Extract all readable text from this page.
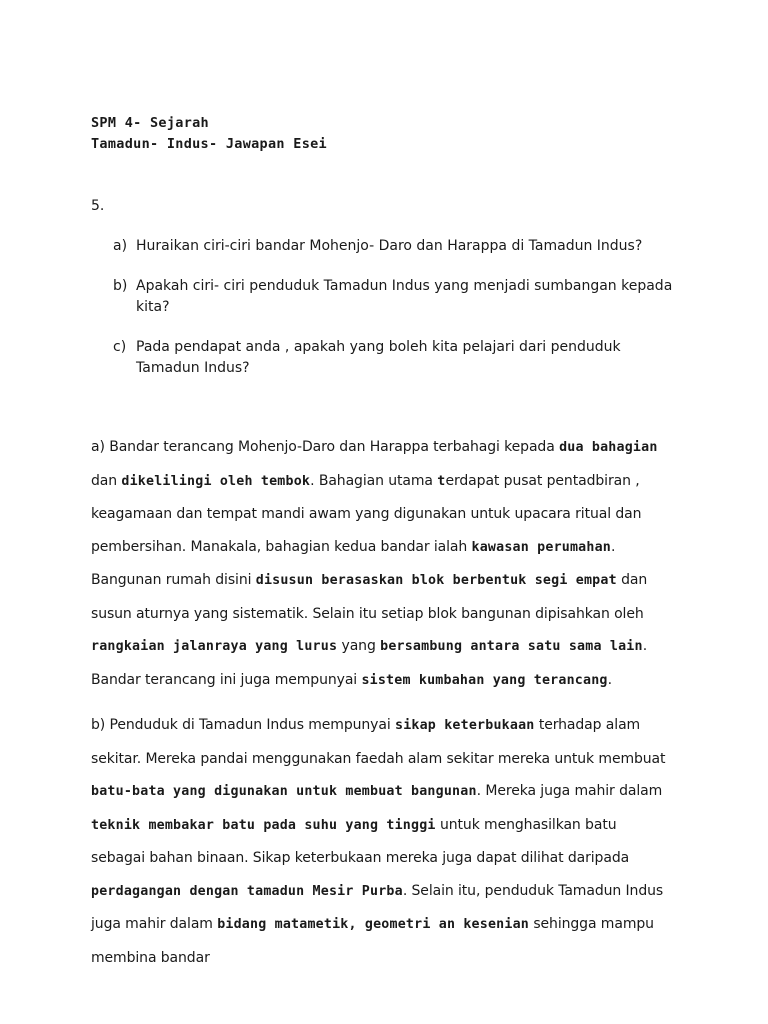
SPM 4- Sejarah
Tamadun- Indus- Jawapan Esei
5.
a) Huraikan ciri-ciri bandar Mohenjo- Daro dan Harappa di Tamadun Indus?
b) Apakah ciri- ciri penduduk Tamadun Indus yang menjadi sumbangan kepada kita?
c) Pada pendapat anda , apakah yang boleh kita pelajari dari penduduk Tamadun Indus?

a) Bandar terancang Mohenjo-Daro dan Harappa terbahagi kepada dua bahagian dan dikelilingi oleh tembok. Bahagian utama terdapat pusat pentadbiran , keagamaan dan tempat mandi awam yang digunakan untuk upacara ritual dan pembersihan. Manakala, bahagian kedua bandar ialah kawasan perumahan. Bangunan rumah disini disusun berasaskan blok berbentuk segi empat dan susun aturnya yang sistematik. Selain itu setiap blok bangunan dipisahkan oleh rangkaian jalanraya yang lurus yang bersambung antara satu sama lain. Bandar terancang ini juga mempunyai sistem kumbahan yang terancang.

b) Penduduk di Tamadun Indus mempunyai sikap keterbukaan terhadap alam sekitar. Mereka pandai menggunakan faedah alam sekitar mereka untuk membuat batu-bata yang digunakan untuk membuat bangunan. Mereka juga mahir dalam teknik membakar batu pada suhu yang tinggi untuk menghasilkan batu sebagai bahan binaan. Sikap keterbukaan mereka juga dapat dilihat daripada perdagangan dengan tamadun Mesir Purba. Selain itu, penduduk Tamadun Indus juga mahir dalam bidang matametik, geometri an kesenian sehingga mampu membina bandar
